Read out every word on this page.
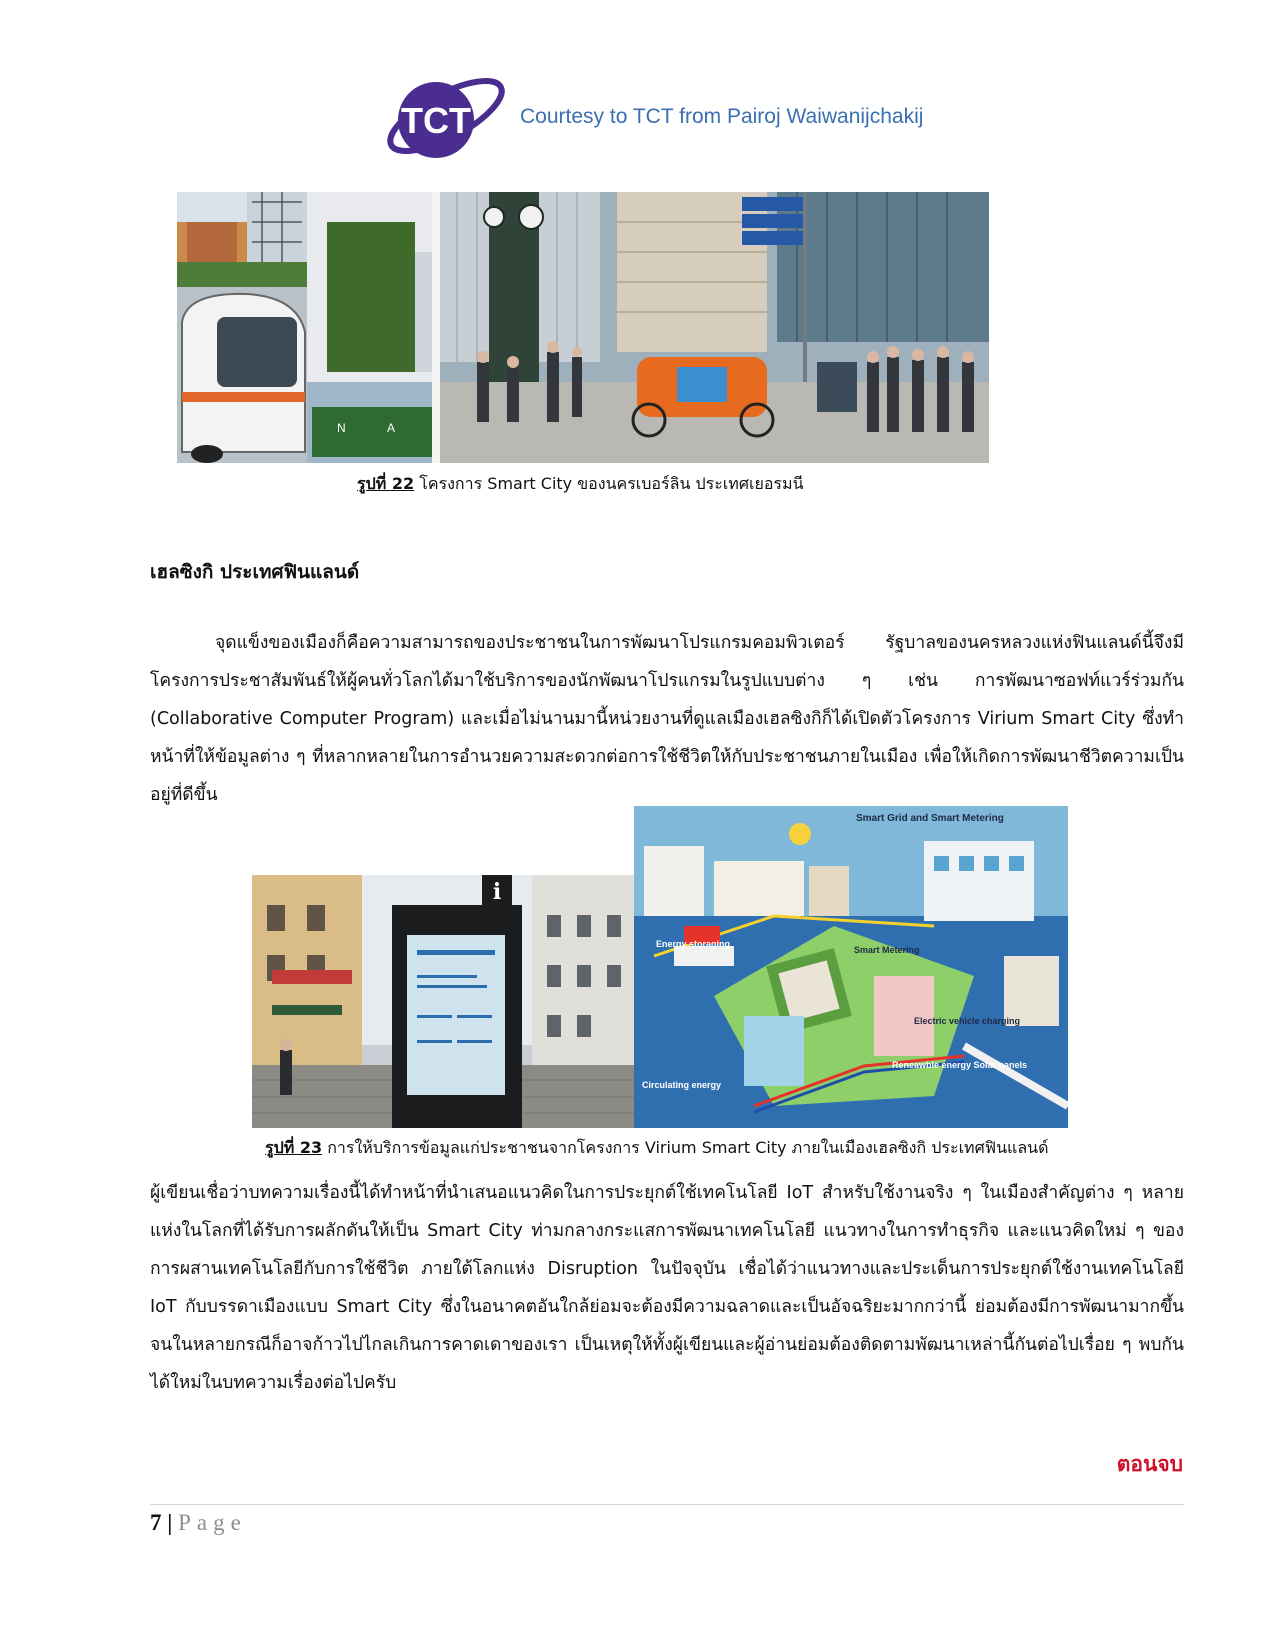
TCT Courtesy to TCT from Pairoj Waiwanijchakij
N	A
รูปที่ 22 โครงการ Smart City ของนครเบอร์ลิน ประเทศเยอรมนี
เฮลซิงกิ ประเทศฟินแลนด์
จุดแข็งของเมืองก็คือความสามารถของประชาชนในการพัฒนาโปรแกรมคอมพิวเตอร์ รัฐบาลของนครหลวงแห่งฟินแลนด์นี้จึงมีโครงการประชาสัมพันธ์ให้ผู้คนทั่วโลกได้มาใช้บริการของนักพัฒนาโปรแกรมในรูปแบบต่าง ๆ เช่น การพัฒนาซอฟท์แวร์ร่วมกัน (Collaborative Computer Program) และเมื่อไม่นานมานี้หน่วยงานที่ดูแลเมืองเฮลซิงกิก็ได้เปิดตัวโครงการ Virium Smart City ซึ่งทำหน้าที่ให้ข้อมูลต่าง ๆ ที่หลากหลายในการอำนวยความสะดวกต่อการใช้ชีวิตให้กับประชาชนภายในเมือง เพื่อให้เกิดการพัฒนาชีวิตความเป็นอยู่ที่ดีขึ้น
i
Smart Grid and Smart Metering
Energy storaging
Smart Metering
Electric vehicle charging
Reneawble energy Solar panels
Circulating energy
รูปที่ 23 การให้บริการข้อมูลแก่ประชาชนจากโครงการ Virium Smart City ภายในเมืองเฮลซิงกิ ประเทศฟินแลนด์
ผู้เขียนเชื่อว่าบทความเรื่องนี้ได้ทำหน้าที่นำเสนอแนวคิดในการประยุกต์ใช้เทคโนโลยี IoT สำหรับใช้งานจริง ๆ ในเมืองสำคัญต่าง ๆ หลายแห่งในโลกที่ได้รับการผลักดันให้เป็น Smart City ท่ามกลางกระแสการพัฒนาเทคโนโลยี แนวทางในการทำธุรกิจ และแนวคิดใหม่ ๆ ของการผสานเทคโนโลยีกับการใช้ชีวิต ภายใต้โลกแห่ง Disruption ในปัจจุบัน เชื่อได้ว่าแนวทางและประเด็นการประยุกต์ใช้งานเทคโนโลยี IoT กับบรรดาเมืองแบบ Smart City ซึ่งในอนาคตอันใกล้ย่อมจะต้องมีความฉลาดและเป็นอัจฉริยะมากกว่านี้ ย่อมต้องมีการพัฒนามากขึ้น จนในหลายกรณีก็อาจก้าวไปไกลเกินการคาดเดาของเรา เป็นเหตุให้ทั้งผู้เขียนและผู้อ่านย่อมต้องติดตามพัฒนาเหล่านี้กันต่อไปเรื่อย ๆ พบกันได้ใหม่ในบทความเรื่องต่อไปครับ
ตอนจบ
7 | Page
